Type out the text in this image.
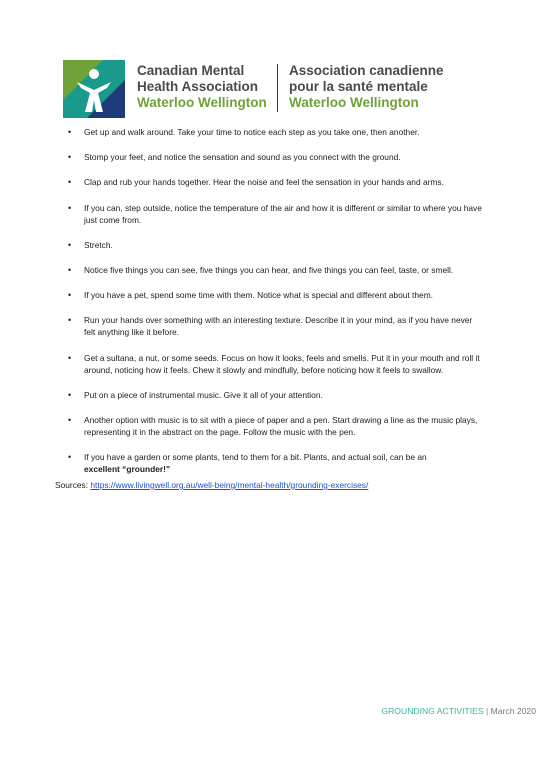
Canadian Mental
Health Association
Waterloo Wellington
Association canadienne
pour la santé mentale
Waterloo Wellington
• Get up and walk around. Take your time to notice each step as you take one, then another.
• Stomp your feet, and notice the sensation and sound as you connect with the ground.
• Clap and rub your hands together. Hear the noise and feel the sensation in your hands and arms.
• If you can, step outside, notice the temperature of the air and how it is different or similar to where you have just come from.
• Stretch.
• Notice five things you can see, five things you can hear, and five things you can feel, taste, or smell.
• If you have a pet, spend some time with them. Notice what is special and different about them.
• Run your hands over something with an interesting texture. Describe it in your mind, as if you have never felt anything like it before.
• Get a sultana, a nut, or some seeds. Focus on how it looks, feels and smells. Put it in your mouth and roll it around, noticing how it feels. Chew it slowly and mindfully, before noticing how it feels to swallow.
• Put on a piece of instrumental music. Give it all of your attention.
• Another option with music is to sit with a piece of paper and a pen. Start drawing a line as the music plays, representing it in the abstract on the page. Follow the music with the pen.
• If you have a garden or some plants, tend to them for a bit. Plants, and actual soil, can be an
excellent “grounder!”
Sources: https://www.livingwell.org.au/well-being/mental-health/grounding-exercises/
GROUNDING ACTIVITIES | March 2020
